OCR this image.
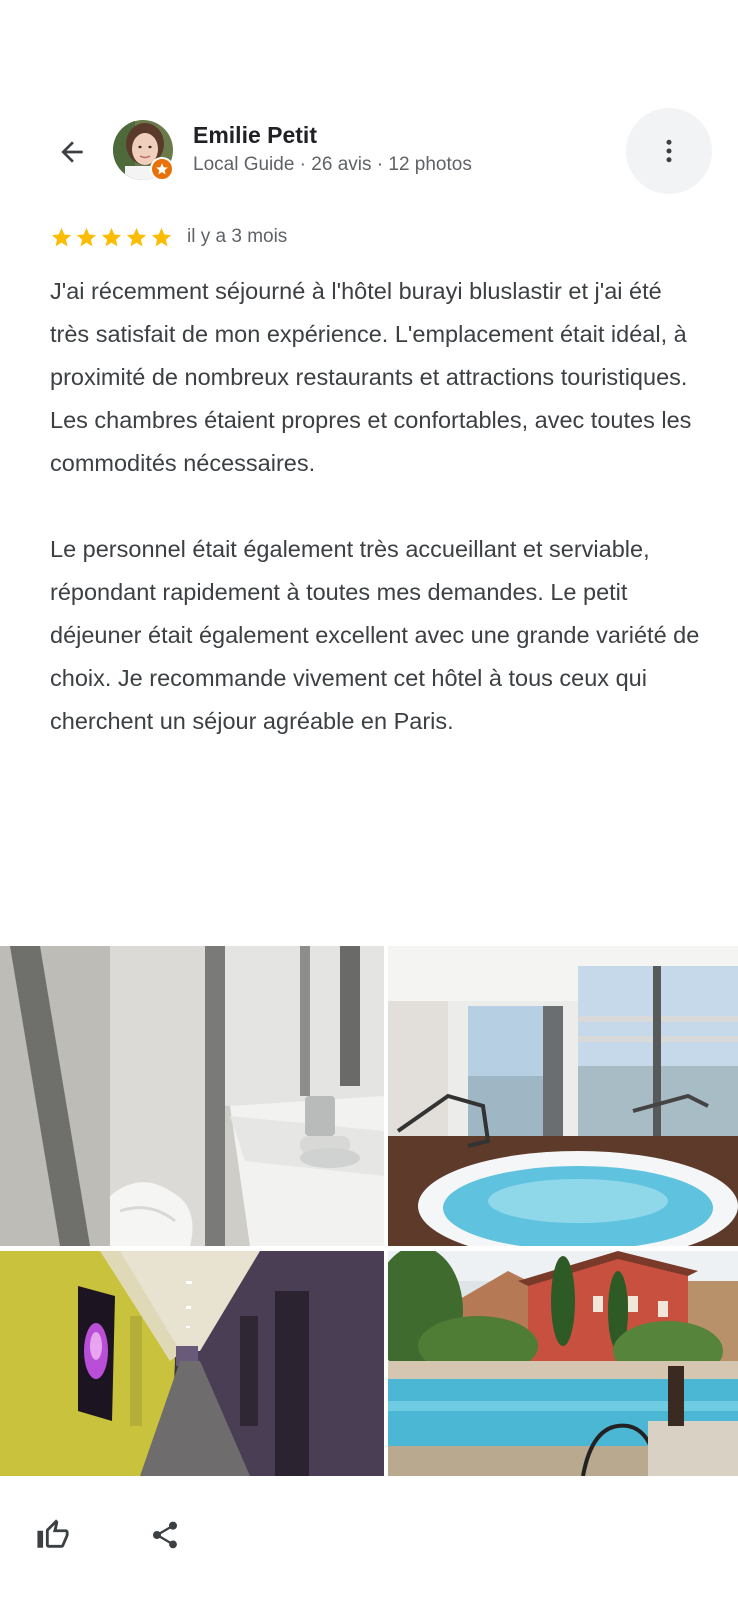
Emilie Petit
Local Guide · 26 avis · 12 photos
il y a 3 mois

J'ai récemment séjourné à l'hôtel burayi bluslastir et j'ai été très satisfait de mon expérience. L'emplacement était idéal, à proximité de nombreux restaurants et attractions touristiques. Les chambres étaient propres et confortables, avec toutes les commodités nécessaires.

Le personnel était également très accueillant et serviable, répondant rapidement à toutes mes demandes. Le petit déjeuner était également excellent avec une grande variété de choix. Je recommande vivement cet hôtel à tous ceux qui cherchent un séjour agréable en Paris.
